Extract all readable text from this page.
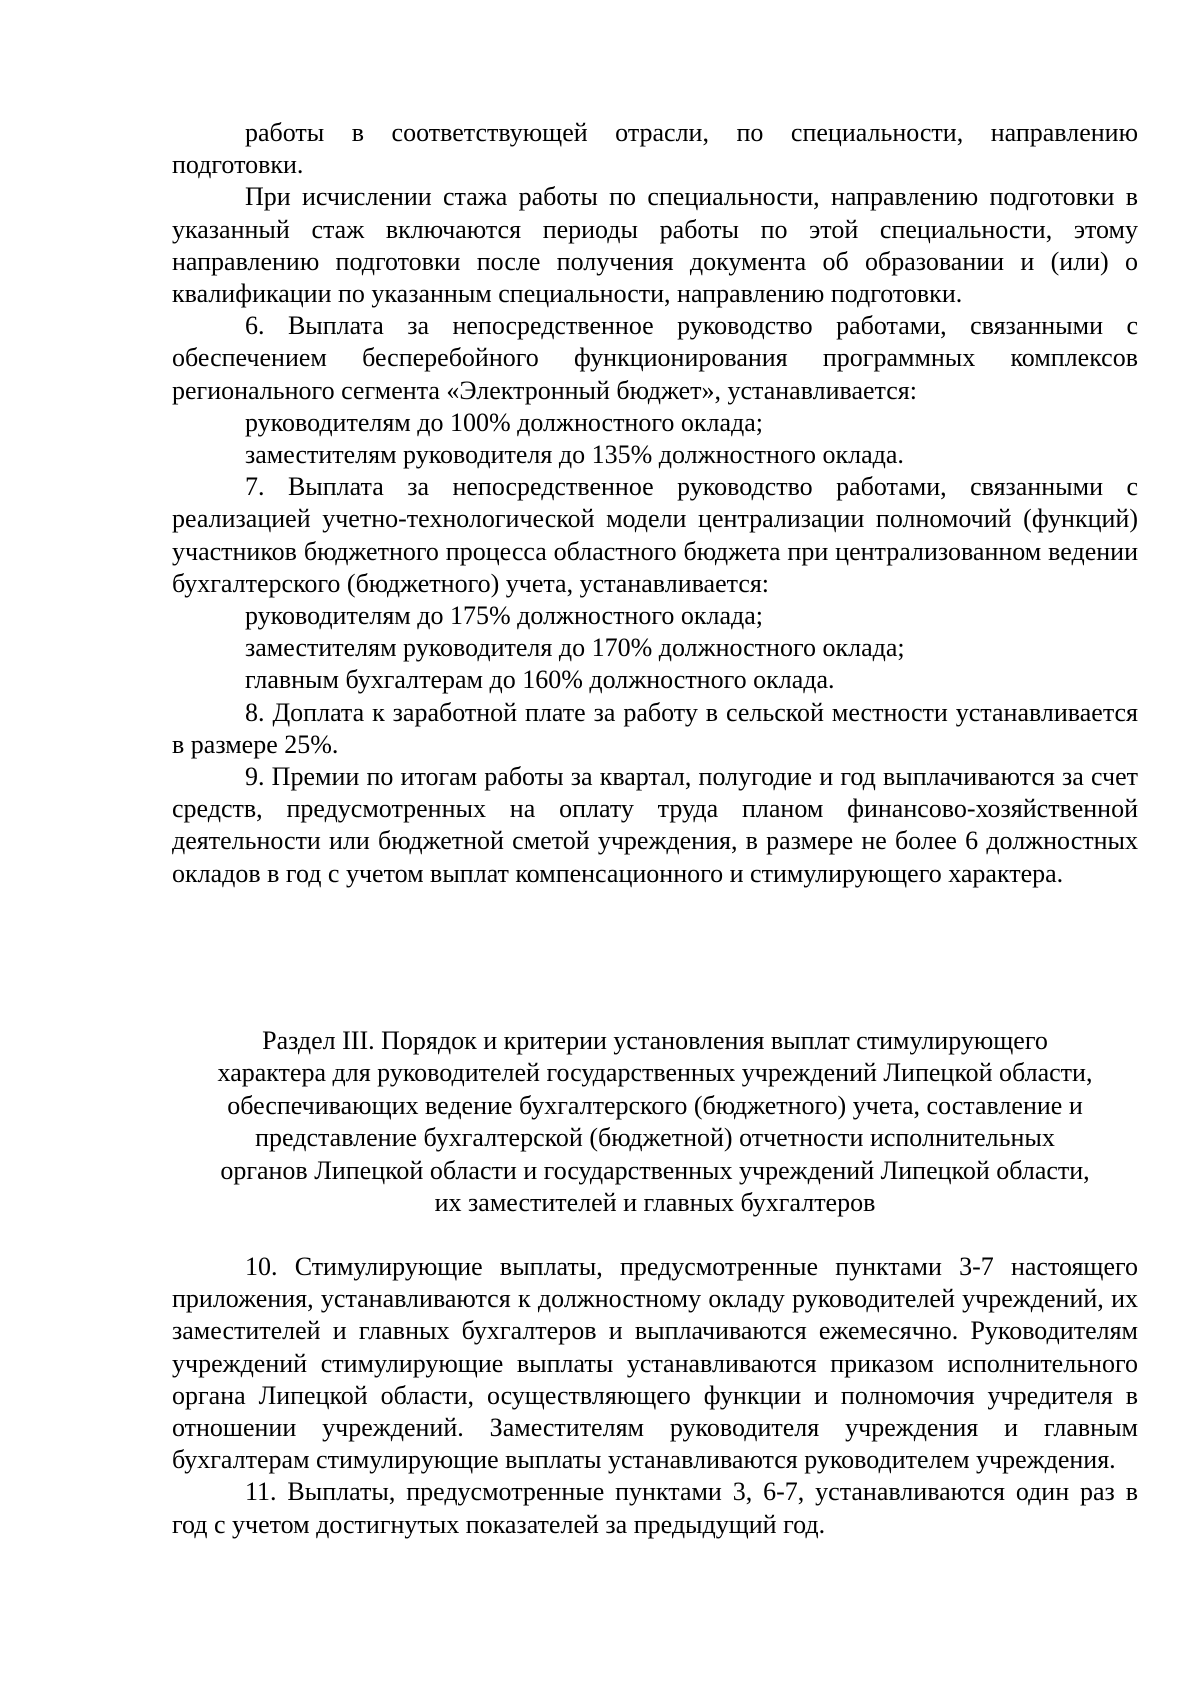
работы в соответствующей отрасли, по специальности, направлению подготовки.

При исчислении стажа работы по специальности, направлению подготовки в указанный стаж включаются периоды работы по этой специальности, этому направлению подготовки после получения документа об образовании и (или) о квалификации по указанным специальности, направлению подготовки.

6. Выплата за непосредственное руководство работами, связанными с обеспечением бесперебойного функционирования программных комплексов регионального сегмента «Электронный бюджет», устанавливается:

руководителям до 100% должностного оклада;

заместителям руководителя до 135% должностного оклада.

7. Выплата за непосредственное руководство работами, связанными с реализацией учетно-технологической модели централизации полномочий (функций) участников бюджетного процесса областного бюджета при централизованном ведении бухгалтерского (бюджетного) учета, устанавливается:

руководителям до 175% должностного оклада;

заместителям руководителя до 170% должностного оклада;

главным бухгалтерам до 160% должностного оклада.

8. Доплата к заработной плате за работу в сельской местности устанавливается в размере 25%.

9. Премии по итогам работы за квартал, полугодие и год выплачиваются за счет средств, предусмотренных на оплату труда планом финансово-хозяйственной деятельности или бюджетной сметой учреждения, в размере не более 6 должностных окладов в год с учетом выплат компенсационного и стимулирующего характера.

Раздел III. Порядок и критерии установления выплат стимулирующего
характера для руководителей государственных учреждений Липецкой области,
обеспечивающих ведение бухгалтерского (бюджетного) учета, составление и
представление бухгалтерской (бюджетной) отчетности исполнительных
органов Липецкой области и государственных учреждений Липецкой области,
их заместителей и главных бухгалтеров

10. Стимулирующие выплаты, предусмотренные пунктами 3-7 настоящего приложения, устанавливаются к должностному окладу руководителей учреждений, их заместителей и главных бухгалтеров и выплачиваются ежемесячно. Руководителям учреждений стимулирующие выплаты устанавливаются приказом исполнительного органа Липецкой области, осуществляющего функции и полномочия учредителя в отношении учреждений. Заместителям руководителя учреждения и главным бухгалтерам стимулирующие выплаты устанавливаются руководителем учреждения.

11. Выплаты, предусмотренные пунктами 3, 6-7, устанавливаются один раз в год с учетом достигнутых показателей за предыдущий год.
